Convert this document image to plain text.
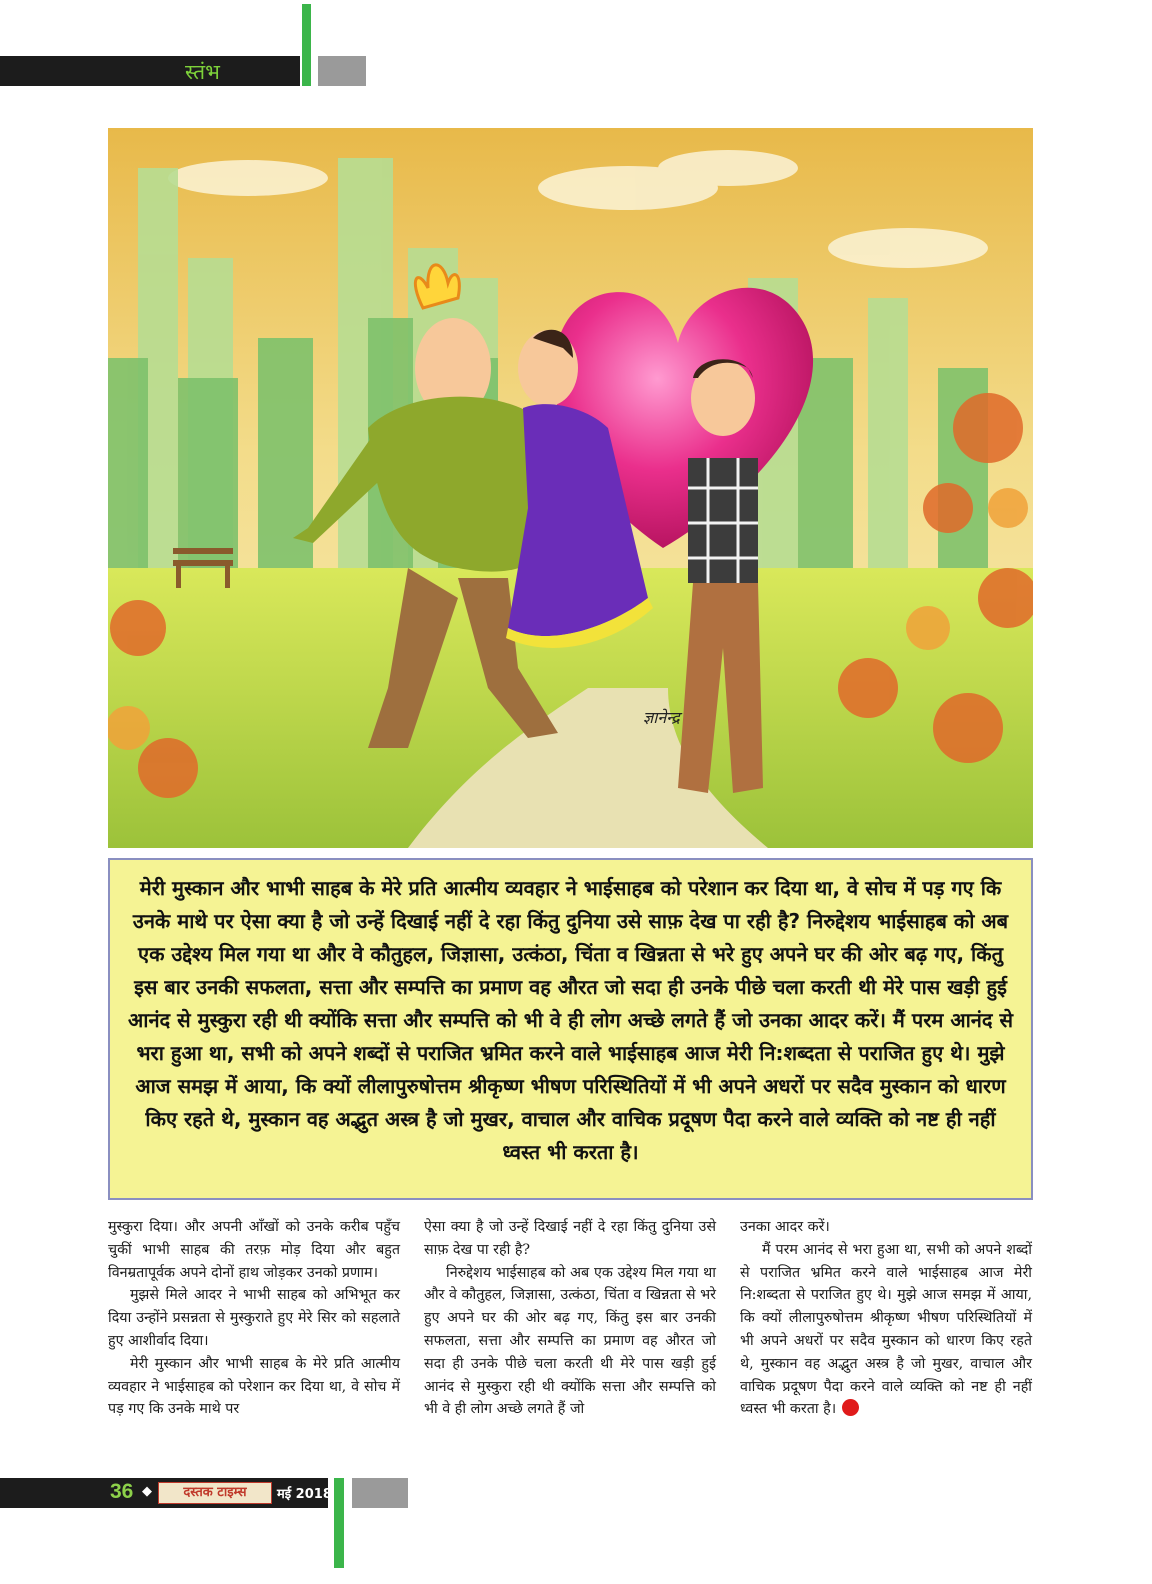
स्तंभ
ज्ञानेन्द्र

मेरी मुस्कान और भाभी साहब के मेरे प्रति आत्मीय व्यवहार ने भाईसाहब को परेशान कर दिया था, वे सोच में पड़ गए कि उनके माथे पर ऐसा क्या है जो उन्हें दिखाई नहीं दे रहा किंतु दुनिया उसे साफ़ देख पा रही है? निरुद्देशय भाईसाहब को अब एक उद्देश्य मिल गया था और वे कौतुहल, जिज्ञासा, उत्कंठा, चिंता व खिन्नता से भरे हुए अपने घर की ओर बढ़ गए, किंतु इस बार उनकी सफलता, सत्ता और सम्पत्ति का प्रमाण वह औरत जो सदा ही उनके पीछे चला करती थी मेरे पास खड़ी हुई आनंद से मुस्कुरा रही थी क्योंकि सत्ता और सम्पत्ति को भी वे ही लोग अच्छे लगते हैं जो उनका आदर करें। मैं परम आनंद से भरा हुआ था, सभी को अपने शब्दों से पराजित भ्रमित करने वाले भाईसाहब आज मेरी नि:शब्दता से पराजित हुए थे। मुझे आज समझ में आया, कि क्यों लीलापुरुषोत्तम श्रीकृष्ण भीषण परिस्थितियों में भी अपने अधरों पर सदैव मुस्कान को धारण किए रहते थे, मुस्कान वह अद्भुत अस्त्र है जो मुखर, वाचाल और वाचिक प्रदूषण पैदा करने वाले व्यक्ति को नष्ट ही नहीं ध्वस्त भी करता है।

मुस्कुरा दिया। और अपनी आँखों को उनके करीब पहुँच चुकीं भाभी साहब की तरफ़ मोड़ दिया और बहुत विनम्रतापूर्वक अपने दोनों हाथ जोड़कर उनको प्रणाम।

मुझसे मिले आदर ने भाभी साहब को अभिभूत कर दिया उन्होंने प्रसन्नता से मुस्कुराते हुए मेरे सिर को सहलाते हुए आशीर्वाद दिया।

मेरी मुस्कान और भाभी साहब के मेरे प्रति आत्मीय व्यवहार ने भाईसाहब को परेशान कर दिया था, वे सोच में पड़ गए कि उनके माथे पर

ऐसा क्या है जो उन्हें दिखाई नहीं दे रहा किंतु दुनिया उसे साफ़ देख पा रही है?

निरुद्देशय भाईसाहब को अब एक उद्देश्य मिल गया था और वे कौतुहल, जिज्ञासा, उत्कंठा, चिंता व खिन्नता से भरे हुए अपने घर की ओर बढ़ गए, किंतु इस बार उनकी सफलता, सत्ता और सम्पत्ति का प्रमाण वह औरत जो सदा ही उनके पीछे चला करती थी मेरे पास खड़ी हुई आनंद से मुस्कुरा रही थी क्योंकि सत्ता और सम्पत्ति को भी वे ही लोग अच्छे लगते हैं जो

उनका आदर करें।

मैं परम आनंद से भरा हुआ था, सभी को अपने शब्दों से पराजित भ्रमित करने वाले भाईसाहब आज मेरी नि:शब्दता से पराजित हुए थे। मुझे आज समझ में आया, कि क्यों लीलापुरुषोत्तम श्रीकृष्ण भीषण परिस्थितियों में भी अपने अधरों पर सदैव मुस्कान को धारण किए रहते थे, मुस्कान वह अद्भुत अस्त्र है जो मुखर, वाचाल और वाचिक प्रदूषण पैदा करने वाले व्यक्ति को नष्ट ही नहीं ध्वस्त भी करता है।

36 ◆	दस्तक टाइम्स	मई 2018
